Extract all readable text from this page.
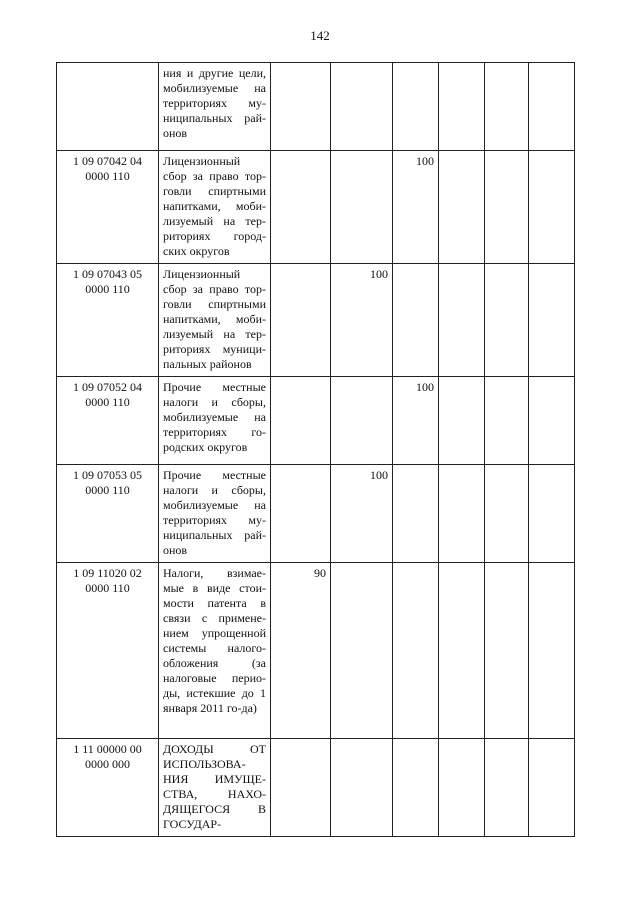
142
	ния и другие цели, мобилизуемые на территориях му-ниципальных рай-онов						
1 09 07042 04 0000 110	Лицензионный сбор за право тор-говли спиртными напитками, моби-лизуемый на тер-риториях город-ских округов			100			
1 09 07043 05 0000 110	Лицензионный сбор за право тор-говли спиртными напитками, моби-лизуемый на тер-риториях муници-пальных районов		100				
1 09 07052 04 0000 110	Прочие местные налоги и сборы, мобилизуемые на территориях го-родских округов			100			
1 09 07053 05 0000 110	Прочие местные налоги и сборы, мобилизуемые на территориях му-ниципальных рай-онов		100				
1 09 11020 02 0000 110	Налоги, взимае-мые в виде стои-мости патента в связи с примене-нием упрощенной системы налого-обложения (за налоговые перио-ды, истекшие до 1 января 2011 го-да)	90					
1 11 00000 00 0000 000	ДОХОДЫ ОТ ИСПОЛЬЗОВА-НИЯ ИМУЩЕ-СТВА, НАХО-ДЯЩЕГОСЯ В ГОСУДАР-						
